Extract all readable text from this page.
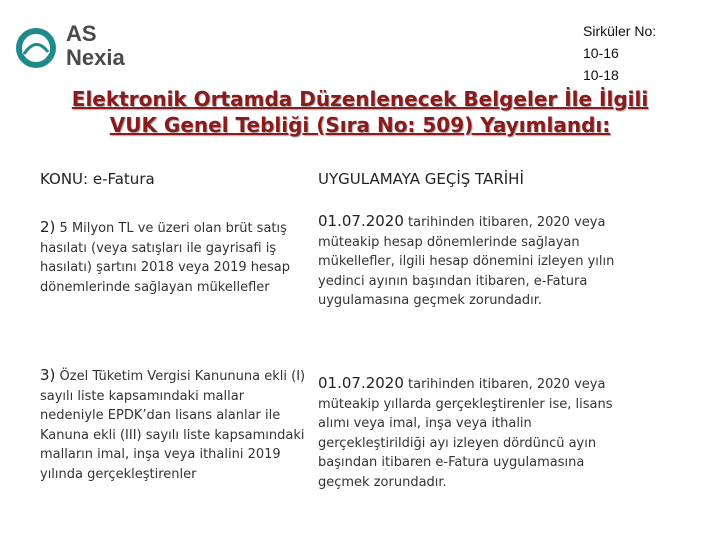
AS
Nexia
Sirküler No:
10-16
10-18
Elektronik Ortamda Düzenlenecek Belgeler İle İlgili
VUK Genel Tebliği (Sıra No: 509) Yayımlandı:
KONU: e-Fatura	UYGULAMAYA GEÇİŞ TARİHİ
2) 5 Milyon TL ve üzeri olan brüt satış hasılatı (veya satışları ile gayrisafi iş hasılatı) şartını 2018 veya 2019 hesap dönemlerinde sağlayan mükellefler
01.07.2020 tarihinden itibaren, 2020 veya müteakip hesap dönemlerinde sağlayan mükellefler, ilgili hesap dönemini izleyen yılın yedinci ayının başından itibaren, e-Fatura uygulamasına geçmek zorundadır.
3) Özel Tüketim Vergisi Kanununa ekli (I) sayılı liste kapsamındaki mallar nedeniyle EPDK’dan lisans alanlar ile Kanuna ekli (III) sayılı liste kapsamındaki malların imal, inşa veya ithalini 2019 yılında gerçekleştirenler
01.07.2020 tarihinden itibaren, 2020 veya müteakip yıllarda gerçekleştirenler ise, lisans alımı veya imal, inşa veya ithalin gerçekleştirildiği ayı izleyen dördüncü ayın başından itibaren e-Fatura uygulamasına geçmek zorundadır.
